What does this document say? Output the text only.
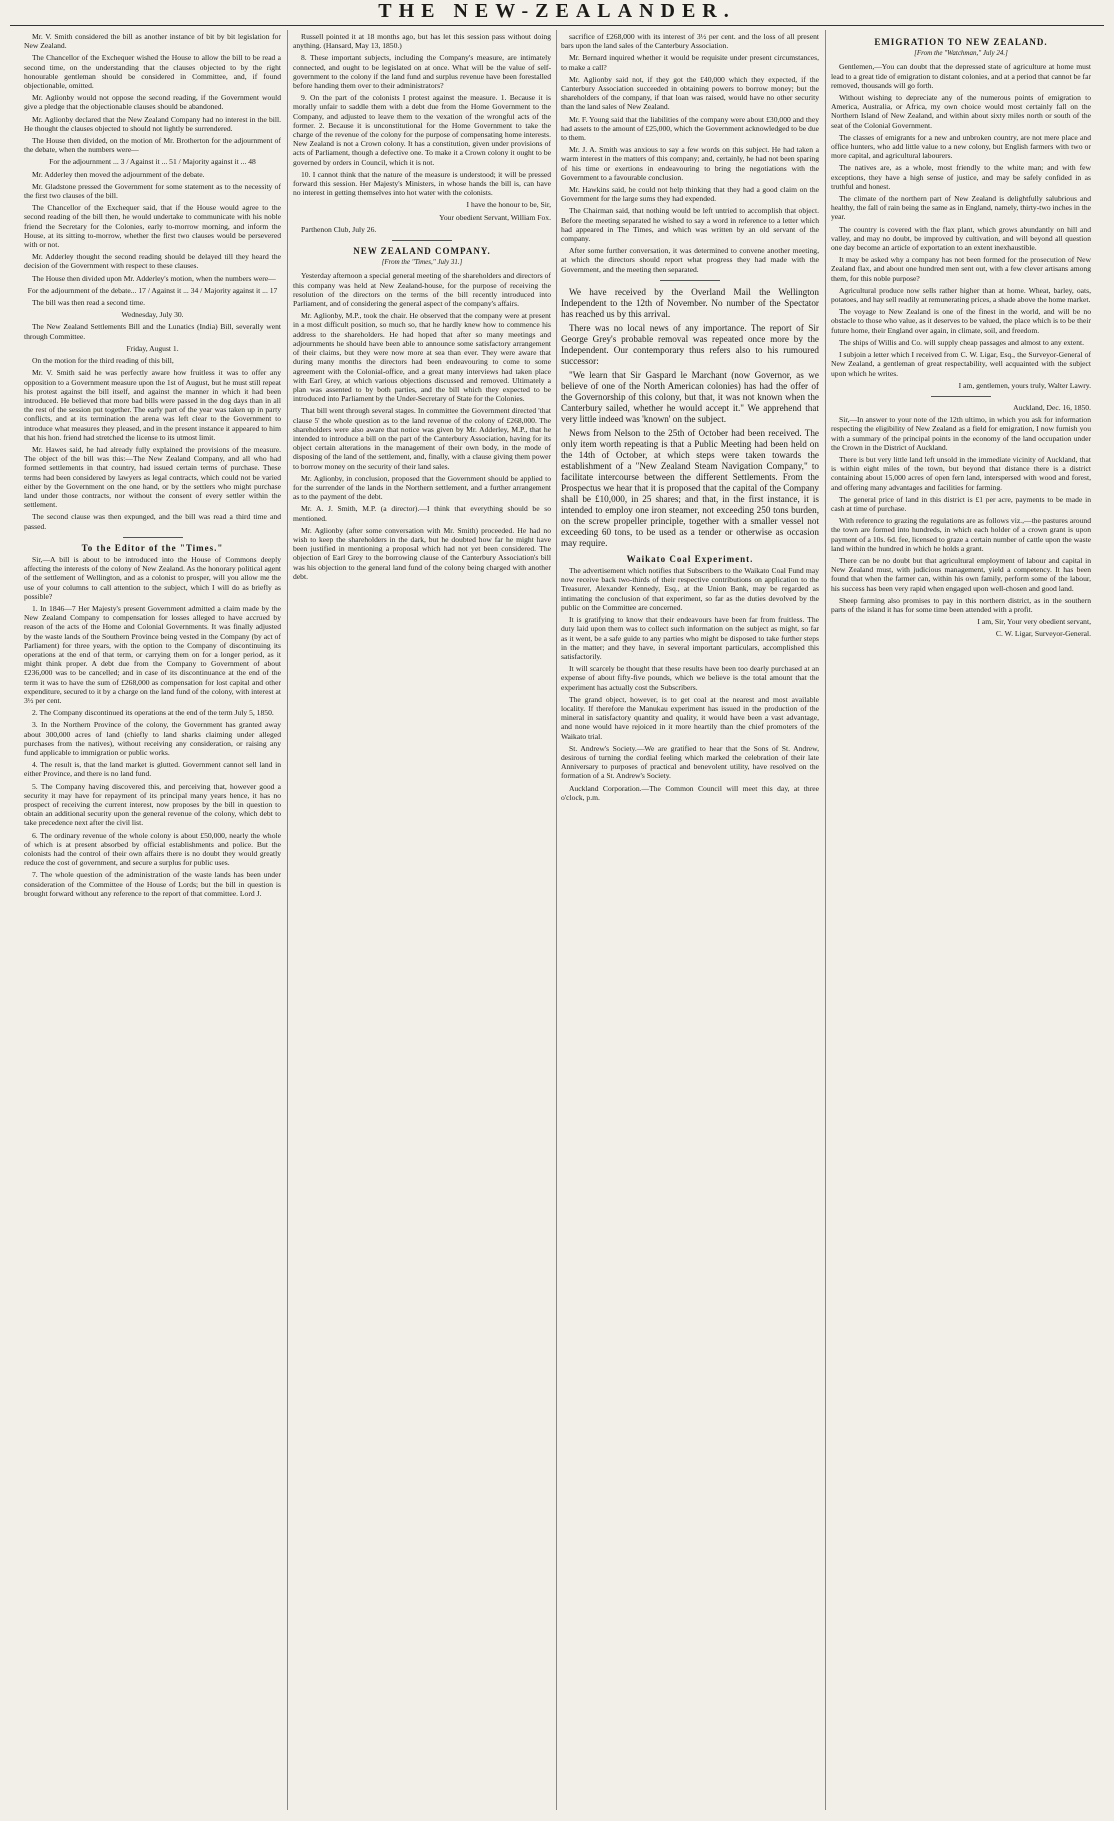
THE NEW-ZEALANDER.

Mr. V. Smith considered the bill as another instance of bit by bit legislation for New Zealand.

The Chancellor of the Exchequer wished the House to allow the bill to be read a second time, on the understanding that the clauses objected to by the right honourable gentleman should be considered in Committee, and, if found objectionable, omitted.

Mr. Aglionby would not oppose the second reading, if the Government would give a pledge that the objectionable clauses should be abandoned.

Mr. Aglionby declared that the New Zealand Company had no interest in the bill. He thought the clauses objected to should not lightly be surrendered.

The House then divided, on the motion of Mr. Brotherton for the adjournment of the debate, when the numbers were—

For the adjournment ... 3 / Against it ... 51 / Majority against it ... 48

Mr. Adderley then moved the adjournment of the debate.

Mr. Gladstone pressed the Government for some statement as to the necessity of the first two clauses of the bill.

The Chancellor of the Exchequer said, that if the House would agree to the second reading of the bill then, he would undertake to communicate with his noble friend the Secretary for the Colonies, early to-morrow morning, and inform the House, at its sitting to-morrow, whether the first two clauses would be persevered with or not.

Mr. Adderley thought the second reading should be delayed till they heard the decision of the Government with respect to these clauses.

The House then divided upon Mr. Adderley's motion, when the numbers were—

For the adjournment of the debate... 17 / Against it ... 34 / Majority against it ... 17

The bill was then read a second time.

Wednesday, July 30.

The New Zealand Settlements Bill and the Lunatics (India) Bill, severally went through Committee.

Friday, August 1.

On the motion for the third reading of this bill,

Mr. V. Smith said he was perfectly aware how fruitless it was to offer any opposition to a Government measure upon the 1st of August, but he must still repeat his protest against the bill itself, and against the manner in which it had been introduced. He believed that more bad bills were passed in the dog days than in all the rest of the session put together. The early part of the year was taken up in party conflicts, and at its termination the arena was left clear to the Government to introduce what measures they pleased, and in the present instance it appeared to him that his hon. friend had stretched the license to its utmost limit.

Mr. Hawes said, he had already fully explained the provisions of the measure. The object of the bill was this:—The New Zealand Company, and all who had formed settlements in that country, had issued certain terms of purchase. These terms had been considered by lawyers as legal contracts, which could not be varied either by the Government on the one hand, or by the settlers who might purchase land under those contracts, nor without the consent of every settler within the settlement.

The second clause was then expunged, and the bill was read a third time and passed.

To the Editor of the "Times."

Sir,—A bill is about to be introduced into the House of Commons deeply affecting the interests of the colony of New Zealand. As the honorary political agent of the settlement of Wellington, and as a colonist to prosper, will you allow me the use of your columns to call attention to the subject, which I will do as briefly as possible?

1. In 1846—7 Her Majesty's present Government admitted a claim made by the New Zealand Company to compensation for losses alleged to have accrued by reason of the acts of the Home and Colonial Governments. It was finally adjusted by the waste lands of the Southern Province being vested in the Company (by act of Parliament) for three years, with the option to the Company of discontinuing its operations at the end of that term, or carrying them on for a longer period, as it might think proper. A debt due from the Company to Government of about £236,000 was to be cancelled; and in case of its discontinuance at the end of the term it was to have the sum of £268,000 as compensation for lost capital and other expenditure, secured to it by a charge on the land fund of the colony, with interest at 3½ per cent.

2. The Company discontinued its operations at the end of the term July 5, 1850.

3. In the Northern Province of the colony, the Government has granted away about 300,000 acres of land (chiefly to land sharks claiming under alleged purchases from the natives), without receiving any consideration, or raising any fund applicable to immigration or public works.

4. The result is, that the land market is glutted. Government cannot sell land in either Province, and there is no land fund.

5. The Company having discovered this, and perceiving that, however good a security it may have for repayment of its principal many years hence, it has no prospect of receiving the current interest, now proposes by the bill in question to obtain an additional security upon the general revenue of the colony, which debt to take precedence next after the civil list.

6. The ordinary revenue of the whole colony is about £50,000, nearly the whole of which is at present absorbed by official establishments and police. But the colonists had the control of their own affairs there is no doubt they would greatly reduce the cost of government, and secure a surplus for public uses.

7. The whole question of the administration of the waste lands has been under consideration of the Committee of the House of Lords; but the bill in question is brought forward without any reference to the report of that committee. Lord J.

Russell pointed it at 18 months ago, but has let this session pass without doing anything. (Hansard, May 13, 1850.)

8. These important subjects, including the Company's measure, are intimately connected, and ought to be legislated on at once. What will be the value of self-government to the colony if the land fund and surplus revenue have been forestalled before handing them over to their administrators?

9. On the part of the colonists I protest against the measure. 1. Because it is morally unfair to saddle them with a debt due from the Home Government to the Company, and adjusted to leave them to the vexation of the wrongful acts of the former. 2. Because it is unconstitutional for the Home Government to take the charge of the revenue of the colony for the purpose of compensating home interests. New Zealand is not a Crown colony. It has a constitution, given under provisions of acts of Parliament, though a defective one. To make it a Crown colony it ought to be governed by orders in Council, which it is not.

10. I cannot think that the nature of the measure is understood; it will be pressed forward this session. Her Majesty's Ministers, in whose hands the bill is, can have no interest in getting themselves into hot water with the colonists.

I have the honour to be, Sir,

Your obedient Servant, William Fox.

Parthenon Club, July 26.

NEW ZEALAND COMPANY.

[From the "Times," July 31.]

Yesterday afternoon a special general meeting of the shareholders and directors of this company was held at New Zealand-house, for the purpose of receiving the resolution of the directors on the terms of the bill recently introduced into Parliament, and of considering the general aspect of the company's affairs.

Mr. Aglionby, M.P., took the chair. He observed that the company were at present in a most difficult position, so much so, that he hardly knew how to commence his address to the shareholders. He had hoped that after so many meetings and adjournments he should have been able to announce some satisfactory arrangement of their claims, but they were now more at sea than ever. They were aware that during many months the directors had been endeavouring to come to some agreement with the Colonial-office, and a great many interviews had taken place with Earl Grey, at which various objections discussed and removed. Ultimately a plan was assented to by both parties, and the bill which they expected to be introduced into Parliament by the Under-Secretary of State for the Colonies.

That bill went through several stages. In committee the Government directed 'that clause 5' the whole question as to the land revenue of the colony of £268,000. The shareholders were also aware that notice was given by Mr. Adderley, M.P., that he intended to introduce a bill on the part of the Canterbury Association, having for its object certain alterations in the management of their own body, in the mode of disposing of the land of the settlement, and, finally, with a clause giving them power to borrow money on the security of their land sales.

Mr. Aglionby, in conclusion, proposed that the Government should be applied to for the surrender of the lands in the Northern settlement, and a further arrangement as to the payment of the debt.

Mr. A. J. Smith, M.P. (a director).—I think that everything should be so mentioned.

Mr. Aglionby (after some conversation with Mr. Smith) proceeded. He had no wish to keep the shareholders in the dark, but he doubted how far he might have been justified in mentioning a proposal which had not yet been considered. The objection of Earl Grey to the borrowing clause of the Canterbury Association's bill was his objection to the general land fund of the colony being charged with another debt.

sacrifice of £268,000 with its interest of 3½ per cent. and the loss of all present bars upon the land sales of the Canterbury Association.

Mr. Bernard inquired whether it would be requisite under present circumstances, to make a call?

Mr. Aglionby said not, if they got the £40,000 which they expected, if the Canterbury Association succeeded in obtaining powers to borrow money; but the shareholders of the company, if that loan was raised, would have no other security than the land sales of New Zealand.

Mr. F. Young said that the liabilities of the company were about £30,000 and they had assets to the amount of £25,000, which the Government acknowledged to be due to them.

Mr. J. A. Smith was anxious to say a few words on this subject. He had taken a warm interest in the matters of this company; and, certainly, he had not been sparing of his time or exertions in endeavouring to bring the negotiations with the Government to a favourable conclusion.

Mr. Hawkins said, he could not help thinking that they had a good claim on the Government for the large sums they had expended.

The Chairman said, that nothing would be left untried to accomplish that object. Before the meeting separated he wished to say a word in reference to a letter which had appeared in The Times, and which was written by an old servant of the company.

After some further conversation, it was determined to convene another meeting, at which the directors should report what progress they had made with the Government, and the meeting then separated.

We have received by the Overland Mail the Wellington Independent to the 12th of November. No number of the Spectator has reached us by this arrival.

There was no local news of any importance. The report of Sir George Grey's probable removal was repeated once more by the Independent. Our contemporary thus refers also to his rumoured successor:

"We learn that Sir Gaspard le Marchant (now Governor, as we believe of one of the North American colonies) has had the offer of the Governorship of this colony, but that, it was not known when the Canterbury sailed, whether he would accept it." We apprehend that very little indeed was 'known' on the subject.

News from Nelson to the 25th of October had been received. The only item worth repeating is that a Public Meeting had been held on the 14th of October, at which steps were taken towards the establishment of a "New Zealand Steam Navigation Company," to facilitate intercourse between the different Settlements. From the Prospectus we hear that it is proposed that the capital of the Company shall be £10,000, in 25 shares; and that, in the first instance, it is intended to employ one iron steamer, not exceeding 250 tons burden, on the screw propeller principle, together with a smaller vessel not exceeding 60 tons, to be used as a tender or otherwise as occasion may require.

Waikato Coal Experiment.

The advertisement which notifies that Subscribers to the Waikato Coal Fund may now receive back two-thirds of their respective contributions on application to the Treasurer, Alexander Kennedy, Esq., at the Union Bank, may be regarded as intimating the conclusion of that experiment, so far as the duties devolved by the public on the Committee are concerned.

It is gratifying to know that their endeavours have been far from fruitless. The duty laid upon them was to collect such information on the subject as might, so far as it went, be a safe guide to any parties who might be disposed to take further steps in the matter; and they have, in several important particulars, accomplished this satisfactorily.

It will scarcely be thought that these results have been too dearly purchased at an expense of about fifty-five pounds, which we believe is the total amount that the experiment has actually cost the Subscribers.

The grand object, however, is to get coal at the nearest and most available locality. If therefore the Manukau experiment has issued in the production of the mineral in satisfactory quantity and quality, it would have been a vast advantage, and none would have rejoiced in it more heartily than the chief promoters of the Waikato trial.

St. Andrew's Society.—We are gratified to hear that the Sons of St. Andrew, desirous of turning the cordial feeling which marked the celebration of their late Anniversary to purposes of practical and benevolent utility, have resolved on the formation of a St. Andrew's Society.

Auckland Corporation.—The Common Council will meet this day, at three o'clock, p.m.

EMIGRATION TO NEW ZEALAND.

[From the "Watchman," July 24.]

Gentlemen,—You can doubt that the depressed state of agriculture at home must lead to a great tide of emigration to distant colonies, and at a period that cannot be far removed, thousands will go forth.

Without wishing to depreciate any of the numerous points of emigration to America, Australia, or Africa, my own choice would most certainly fall on the Northern Island of New Zealand, and within about sixty miles north or south of the seat of the Colonial Government.

The classes of emigrants for a new and unbroken country, are not mere place and office hunters, who add little value to a new colony, but English farmers with two or more capital, and agricultural labourers.

The natives are, as a whole, most friendly to the white man; and with few exceptions, they have a high sense of justice, and may be safely confided in as truthful and honest.

The climate of the northern part of New Zealand is delightfully salubrious and healthy, the fall of rain being the same as in England, namely, thirty-two inches in the year.

The country is covered with the flax plant, which grows abundantly on hill and valley, and may no doubt, be improved by cultivation, and will beyond all question one day become an article of exportation to an extent inexhaustible.

It may be asked why a company has not been formed for the prosecution of New Zealand flax, and about one hundred men sent out, with a few clever artisans among them, for this noble purpose?

Agricultural produce now sells rather higher than at home. Wheat, barley, oats, potatoes, and hay sell readily at remunerating prices, a shade above the home market.

The voyage to New Zealand is one of the finest in the world, and will be no obstacle to those who value, as it deserves to be valued, the place which is to be their future home, their England over again, in climate, soil, and freedom.

The ships of Willis and Co. will supply cheap passages and almost to any extent.

I subjoin a letter which I received from C. W. Ligar, Esq., the Surveyor-General of New Zealand, a gentleman of great respectability, well acquainted with the subject upon which he writes.

I am, gentlemen, yours truly, Walter Lawry.

Auckland, Dec. 16, 1850.

Sir,—In answer to your note of the 12th ultimo, in which you ask for information respecting the eligibility of New Zealand as a field for emigration, I now furnish you with a summary of the principal points in the economy of the land occupation under the Crown in the District of Auckland.

There is but very little land left unsold in the immediate vicinity of Auckland, that is within eight miles of the town, but beyond that distance there is a district containing about 15,000 acres of open fern land, interspersed with wood and forest, and offering many advantages and facilities for farming.

The general price of land in this district is £1 per acre, payments to be made in cash at time of purchase.

With reference to grazing the regulations are as follows viz.,—the pastures around the town are formed into hundreds, in which each holder of a crown grant is upon payment of a 10s. 6d. fee, licensed to graze a certain number of cattle upon the waste land within the hundred in which he holds a grant.

There can be no doubt but that agricultural employment of labour and capital in New Zealand must, with judicious management, yield a competency. It has been found that when the farmer can, within his own family, perform some of the labour, his success has been very rapid when engaged upon well-chosen and good land.

Sheep farming also promises to pay in this northern district, as in the southern parts of the island it has for some time been attended with a profit.

I am, Sir, Your very obedient servant,

C. W. Ligar, Surveyor-General.
